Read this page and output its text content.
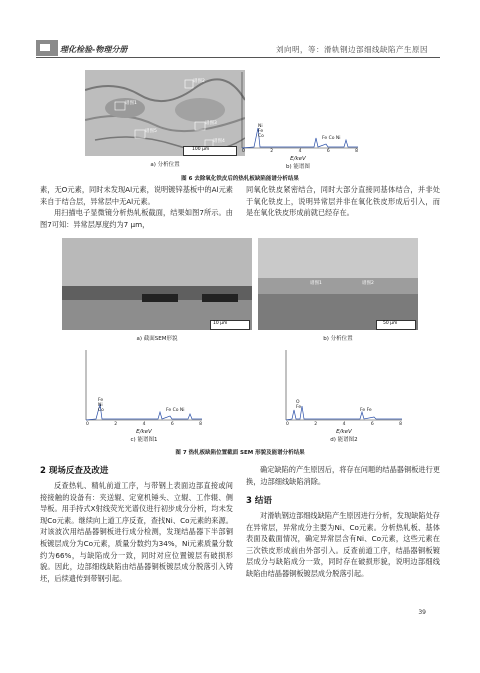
理化检验-物理分册	刘向明，等：滑轨钢边部细线缺陷产生原因
谱图1
谱图2
谱图3
谱图4
谱图5
100 μm
a) 分析位置
Ni
Fe
Co	Fe Co Ni
0	2	4	6	8
E/keV
b) 能谱图
图 6 去除氧化铁皮后的热轧板缺陷能谱分析结果
素，无O元素，同时未发现Al元素，说明镀锌基板中的Al元素来自于结合层，异常层中无Al元素。
用扫描电子显微镜分析热轧板截面，结果如图7所示。由图7可知：异常层厚度约为7 μm，
同氧化铁皮紧密结合，同时大部分直接同基体结合，并非处于氧化铁皮上，说明异常层并非在氧化铁皮形成后引入，而是在氧化铁皮形成前就已经存在。
10 μm
a) 截面SEM形貌
谱图1	谱图2
50 μm
b) 分析位置
Fe
Ni
Co	Fe Co Ni
0	2	4	6	8
E/keV
c) 能谱图1
O
Fe
Fe Fe
0	2	4	6	8
E/keV
d) 能谱图2
图 7 热轧板缺陷位置截面 SEM 形貌及能谱分析结果
2 现场反查及改进
反查热轧、精轧前道工序，与带钢上表面边部直接或间接接触的设备有：夹送辊、定宽机锤头、立辊、工作辊、侧导板。用手持式X射线荧光光谱仪进行初步成分分析，均未发现Co元素。继续向上道工序反查，查找Ni、Co元素的来源。对该波次用结晶器铜板进行成分检测，发现结晶器下半部铜板镀层成分为Co元素，质量分数约为34%，Ni元素质量分数约为66%，与缺陷成分一致，同时对应位置镀层有破损形貌。因此，边部细线缺陷由结晶器铜板镀层成分脱落引入铸坯，后续遗传到带钢引起。
确定缺陷的产生原因后，将存在问题的结晶器铜板进行更换，边部细线缺陷消除。
3 结语
对滑轨钢边部细线缺陷产生原因进行分析，发现缺陷处存在异常层，异常成分主要为Ni、Co元素。分析热轧板、基体表面及截面情况，确定异常层含有Ni、Co元素，这些元素在三次铁皮形成前由外部引入。反查前道工序，结晶器铜板镀层成分与缺陷成分一致，同时存在破损形貌，说明边部细线缺陷由结晶器铜板镀层成分脱落引起。
39
